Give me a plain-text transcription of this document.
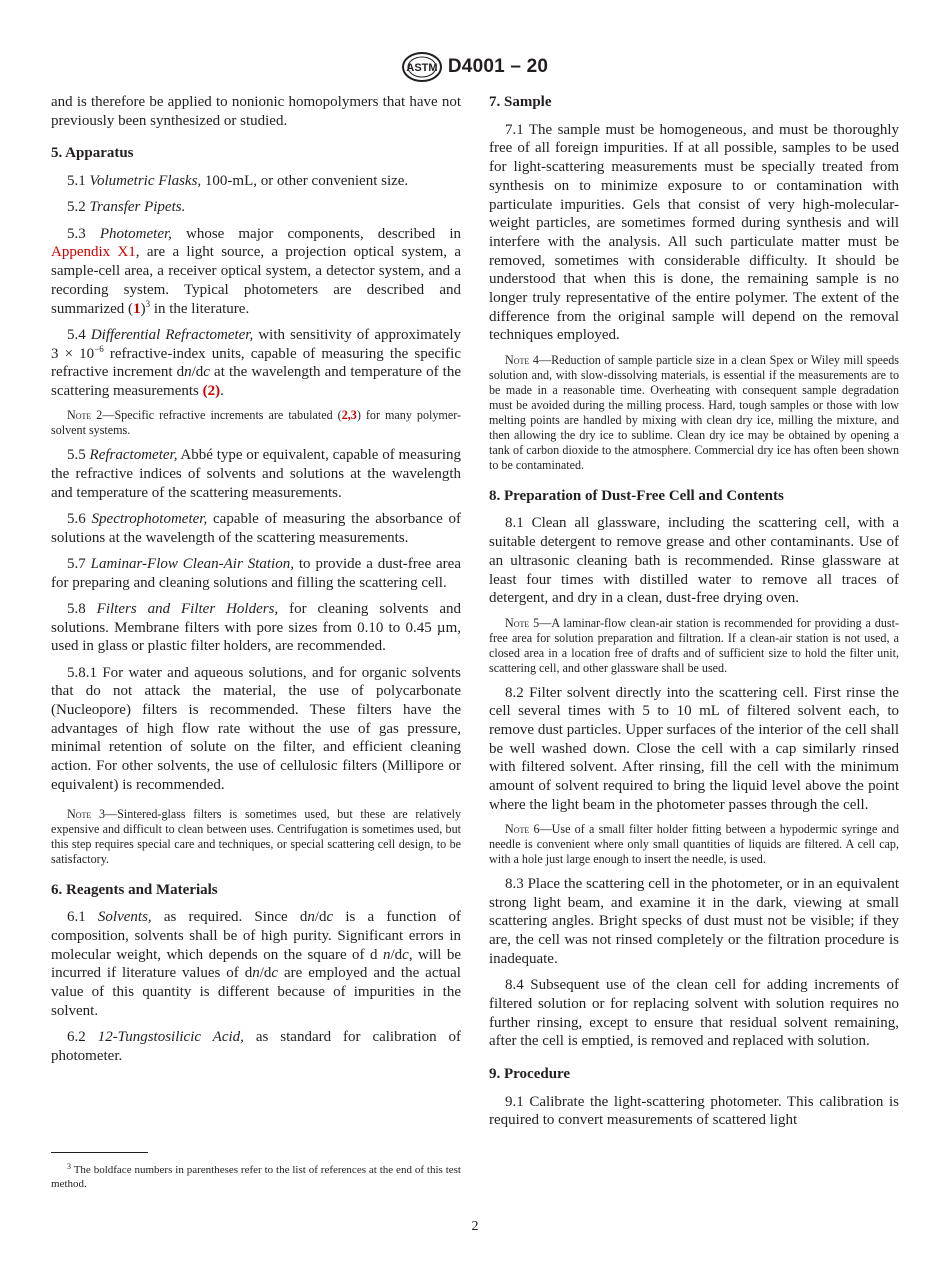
ASTM D4001 – 20

and is therefore be applied to nonionic homopolymers that have not previously been synthesized or studied.

5. Apparatus

5.1 Volumetric Flasks, 100-mL, or other convenient size.

5.2 Transfer Pipets.

5.3 Photometer, whose major components, described in Appendix X1, are a light source, a projection optical system, a sample-cell area, a receiver optical system, a detector system, and a recording system. Typical photometers are described and summarized $(1)^3$ in the literature.

5.4 Differential Refractometer, with sensitivity of approximately $3 \times 10^{-6}$ refractive-index units, capable of measuring the specific refractive increment dn/dc at the wavelength and temperature of the scattering measurements (2).

Note 2—Specific refractive increments are tabulated (2,3) for many polymer-solvent systems.

5.5 Refractometer, Abbé type or equivalent, capable of measuring the refractive indices of solvents and solutions at the wavelength and temperature of the scattering measurements.

5.6 Spectrophotometer, capable of measuring the absorbance of solutions at the wavelength of the scattering measurements.

5.7 Laminar-Flow Clean-Air Station, to provide a dust-free area for preparing and cleaning solutions and filling the scattering cell.

5.8 Filters and Filter Holders, for cleaning solvents and solutions. Membrane filters with pore sizes from 0.10 to 0.45 µm, used in glass or plastic filter holders, are recommended.

5.8.1 For water and aqueous solutions, and for organic solvents that do not attack the material, the use of polycarbonate (Nucleopore) filters is recommended. These filters have the advantages of high flow rate without the use of gas pressure, minimal retention of solute on the filter, and efficient cleaning action. For other solvents, the use of cellulosic filters (Millipore or equivalent) is recommended.

Note 3—Sintered-glass filters is sometimes used, but these are relatively expensive and difficult to clean between uses. Centrifugation is sometimes used, but this step requires special care and techniques, or special scattering cell design, to be satisfactory.

6. Reagents and Materials

6.1 Solvents, as required. Since dn/dc is a function of composition, solvents shall be of high purity. Significant errors in molecular weight, which depends on the square of d n/dc, will be incurred if literature values of dn/dc are employed and the actual value of this quantity is different because of impurities in the solvent.

6.2 12-Tungstosilicic Acid, as standard for calibration of photometer.

$^3$ The boldface numbers in parentheses refer to the list of references at the end of this test method.
7. Sample

7.1 The sample must be homogeneous, and must be thoroughly free of all foreign impurities. If at all possible, samples to be used for light-scattering measurements must be specially treated from synthesis on to minimize exposure to or contamination with particulate impurities. Gels that consist of very high-molecular-weight particles, are sometimes formed during synthesis and will interfere with the analysis. All such particulate matter must be removed, sometimes with considerable difficulty. It should be understood that when this is done, the remaining sample is no longer truly representative of the entire polymer. The extent of the difference from the original sample will depend on the removal techniques employed.

Note 4—Reduction of sample particle size in a clean Spex or Wiley mill speeds solution and, with slow-dissolving materials, is essential if the measurements are to be made in a reasonable time. Overheating with consequent sample degradation must be avoided during the milling process. Hard, tough samples or those with low melting points are handled by mixing with clean dry ice, milling the mixture, and then allowing the dry ice to sublime. Clean dry ice may be obtained by opening a tank of carbon dioxide to the atmosphere. Commercial dry ice has often been shown to be contaminated.

8. Preparation of Dust-Free Cell and Contents

8.1 Clean all glassware, including the scattering cell, with a suitable detergent to remove grease and other contaminants. Use of an ultrasonic cleaning bath is recommended. Rinse glassware at least four times with distilled water to remove all traces of detergent, and dry in a clean, dust-free drying oven.

Note 5—A laminar-flow clean-air station is recommended for providing a dust-free area for solution preparation and filtration. If a clean-air station is not used, a closed area in a location free of drafts and of sufficient size to hold the filter unit, scattering cell, and other glassware shall be used.

8.2 Filter solvent directly into the scattering cell. First rinse the cell several times with 5 to 10 mL of filtered solvent each, to remove dust particles. Upper surfaces of the interior of the cell shall be well washed down. Close the cell with a cap similarly rinsed with filtered solvent. After rinsing, fill the cell with the minimum amount of solvent required to bring the liquid level above the point where the light beam in the photometer passes through the cell.

Note 6—Use of a small filter holder fitting between a hypodermic syringe and needle is convenient where only small quantities of liquids are filtered. A cell cap, with a hole just large enough to insert the needle, is used.

8.3 Place the scattering cell in the photometer, or in an equivalent strong light beam, and examine it in the dark, viewing at small scattering angles. Bright specks of dust must not be visible; if they are, the cell was not rinsed completely or the filtration procedure is inadequate.

8.4 Subsequent use of the clean cell for adding increments of filtered solution or for replacing solvent with solution requires no further rinsing, except to ensure that residual solvent remaining, after the cell is emptied, is removed and replaced with solution.

9. Procedure

9.1 Calibrate the light-scattering photometer. This calibration is required to convert measurements of scattered light

2
